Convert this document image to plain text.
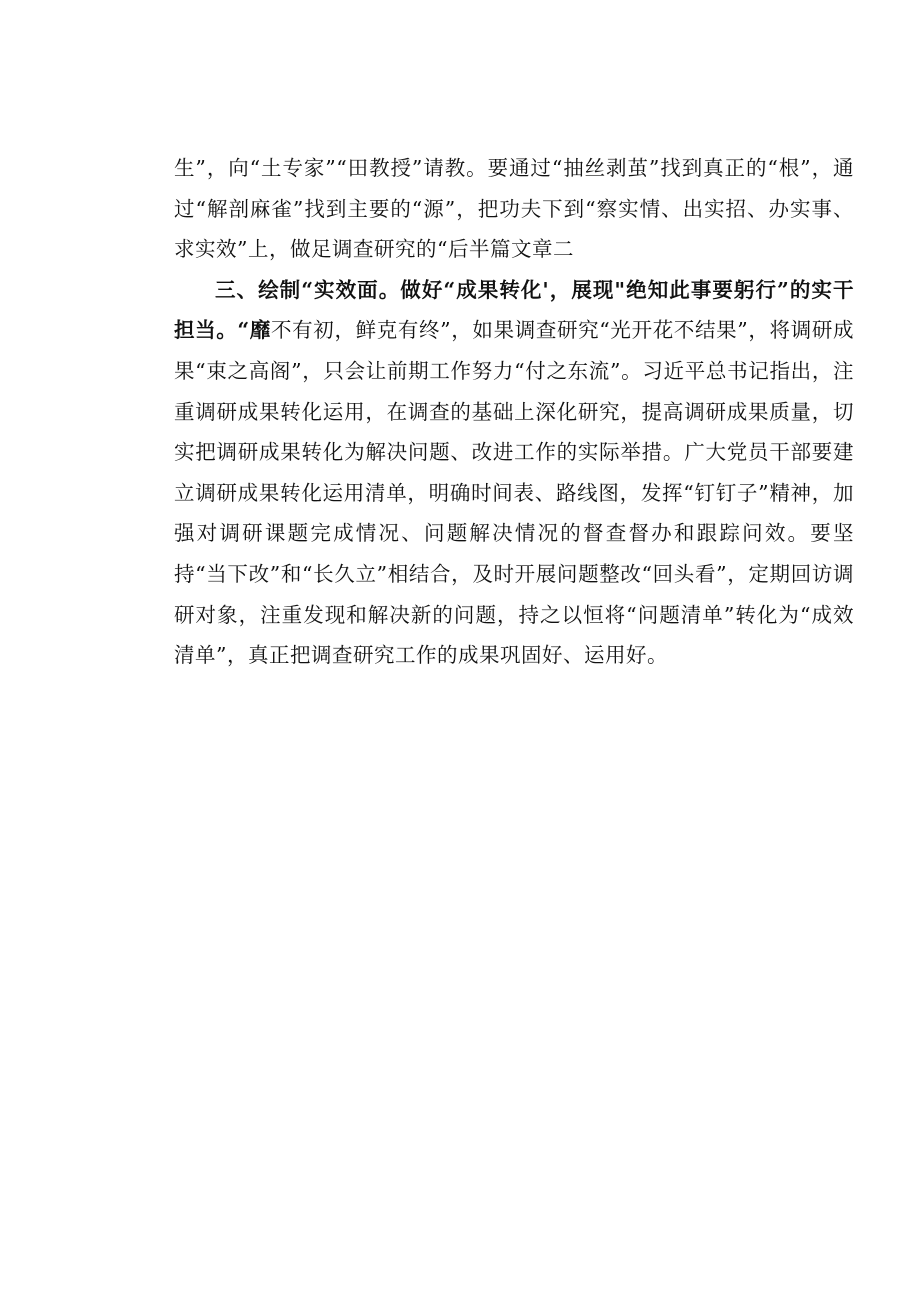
生”，向“土专家”“田教授”请教。要通过“抽丝剥茧”找到真正的“根”，通过“解剖麻雀”找到主要的“源”，把功夫下到“察实情、出实招、办实事、求实效”上，做足调查研究的“后半篇文章二

三、绘制“实效面。做好“成果转化'，展现"绝知此事要躬行”的实干担当。“靡不有初，鲜克有终”，如果调查研究“光开花不结果”，将调研成果“束之高阁”，只会让前期工作努力“付之东流”。习近平总书记指出，注重调研成果转化运用，在调查的基础上深化研究，提高调研成果质量，切实把调研成果转化为解决问题、改进工作的实际举措。广大党员干部要建立调研成果转化运用清单，明确时间表、路线图，发挥“钉钉子”精神，加强对调研课题完成情况、问题解决情况的督查督办和跟踪问效。要坚持“当下改”和“长久立”相结合，及时开展问题整改“回头看”，定期回访调研对象，注重发现和解决新的问题，持之以恒将“问题清单”转化为“成效清单”，真正把调查研究工作的成果巩固好、运用好。
